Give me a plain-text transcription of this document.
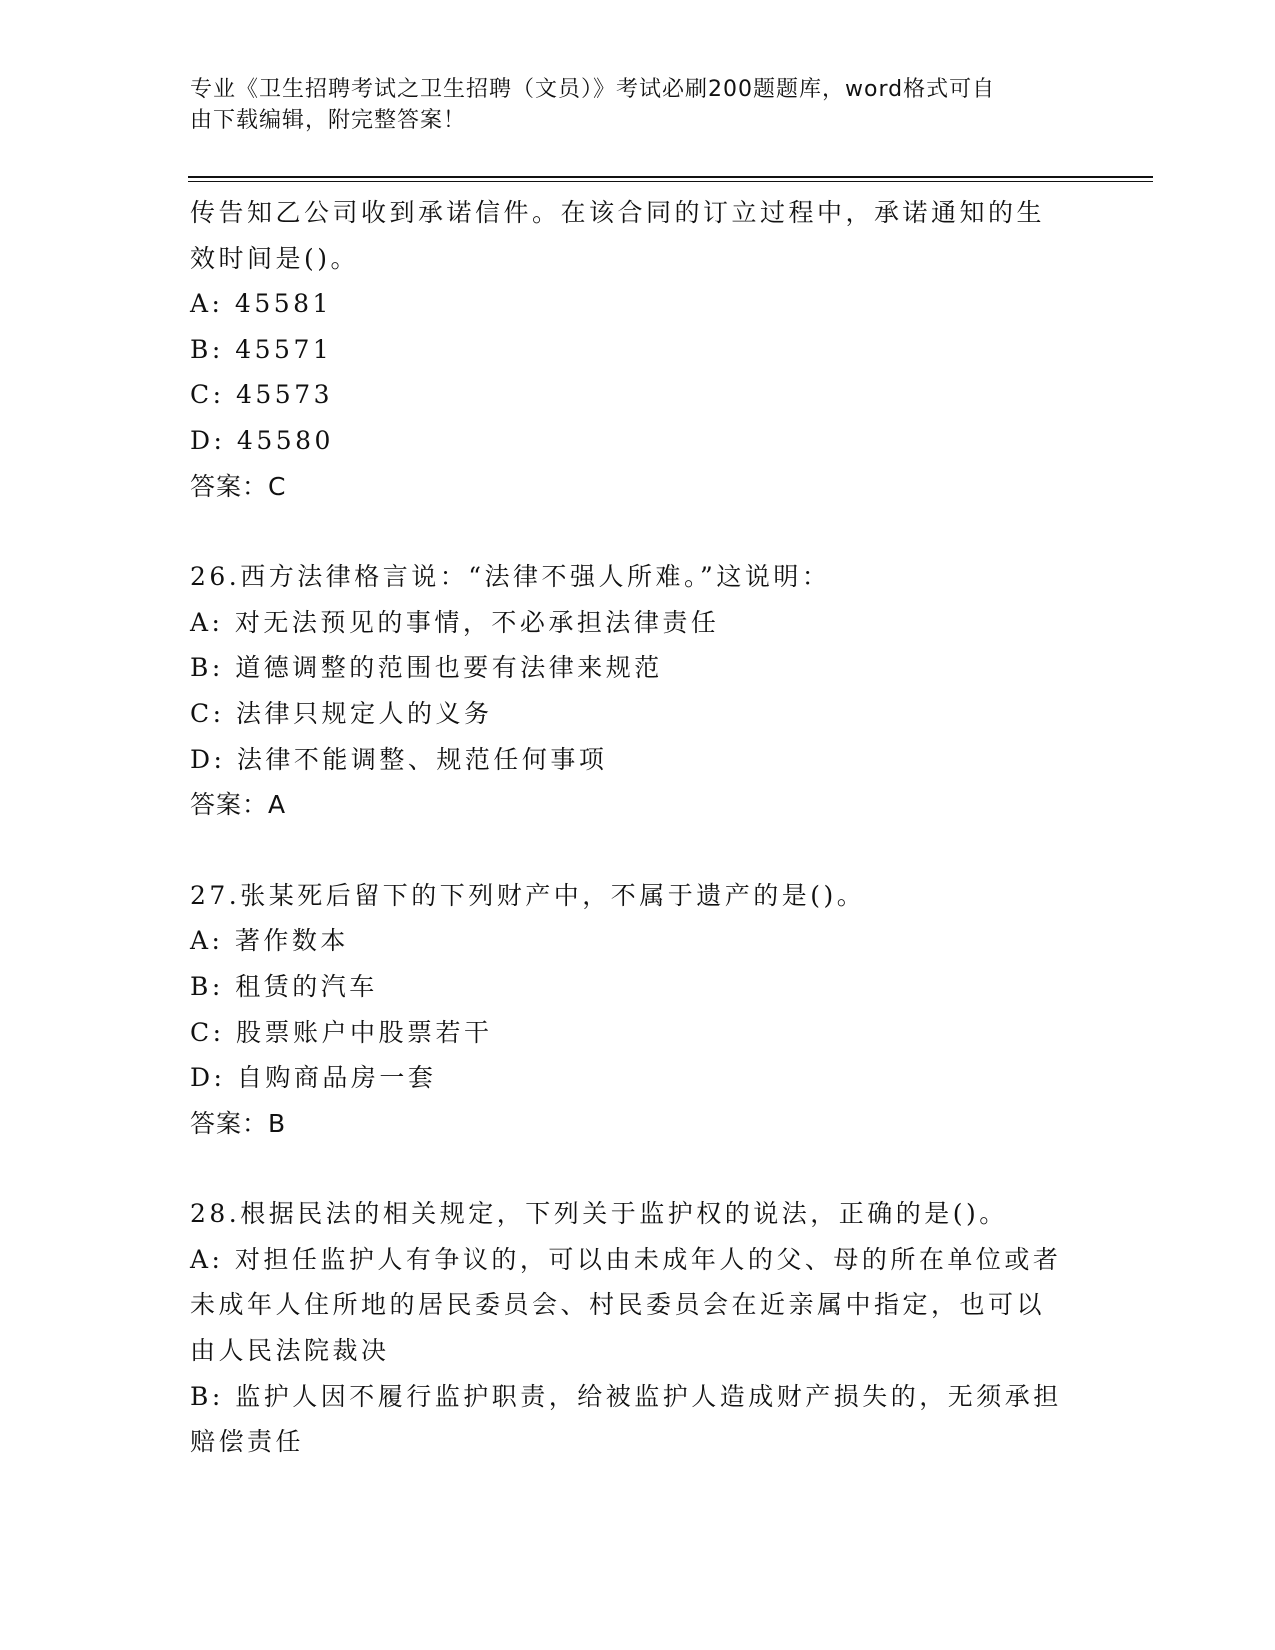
专业《卫生招聘考试之卫生招聘（文员）》考试必刷200题题库，word格式可自
由下载编辑，附完整答案！
传告知乙公司收到承诺信件。在该合同的订立过程中，承诺通知的生
效时间是()。
A: 45581
B: 45571
C: 45573
D: 45580
答案：C
26.西方法律格言说：“法律不强人所难。”这说明：
A: 对无法预见的事情，不必承担法律责任
B: 道德调整的范围也要有法律来规范
C: 法律只规定人的义务
D: 法律不能调整、规范任何事项
答案：A
27.张某死后留下的下列财产中，不属于遗产的是()。
A: 著作数本
B: 租赁的汽车
C: 股票账户中股票若干
D: 自购商品房一套
答案：B
28.根据民法的相关规定，下列关于监护权的说法，正确的是()。
A: 对担任监护人有争议的，可以由未成年人的父、母的所在单位或者
未成年人住所地的居民委员会、村民委员会在近亲属中指定，也可以
由人民法院裁决
B: 监护人因不履行监护职责，给被监护人造成财产损失的，无须承担
赔偿责任
